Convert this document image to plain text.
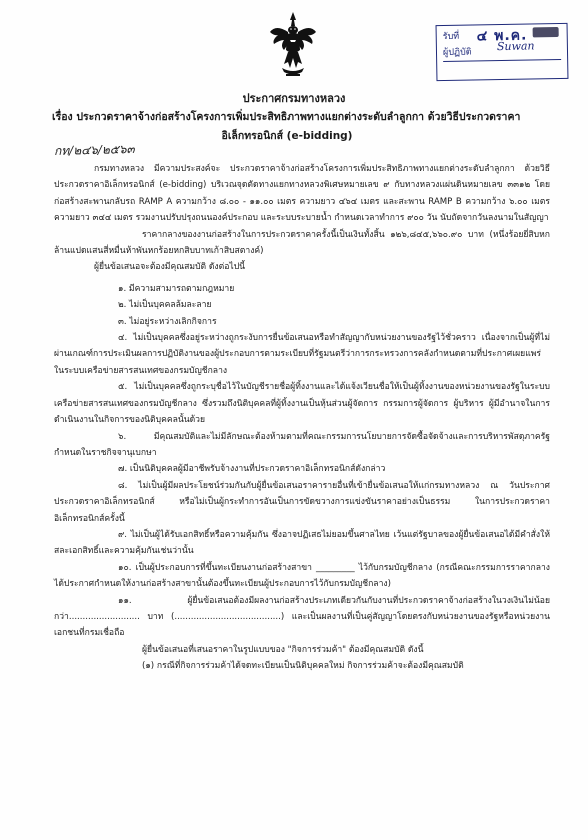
รับที่ ๔ พ.ค.
ผู้ปฏิบัติ Suwan
ประกาศกรมทางหลวง
เรื่อง ประกวดราคาจ้างก่อสร้างโครงการเพิ่มประสิทธิภาพทางแยกต่างระดับลำลูกกา ด้วยวิธีประกวดราคา
อิเล็กทรอนิกส์ (e-bidding)
กท/๒๔๖/๒๕๖๓

กรมทางหลวง มีความประสงค์จะ ประกวดราคาจ้างก่อสร้างโครงการเพิ่มประสิทธิภาพทางแยกต่างระดับลำลูกกา ด้วยวิธีประกวดราคาอิเล็กทรอนิกส์ (e-bidding) บริเวณจุดตัดทางแยกทางหลวงพิเศษหมายเลข ๙ กับทางหลวงแผ่นดินหมายเลข ๓๓๑๒ โดยก่อสร้างสะพานกลับรถ RAMP A ความกว้าง ๘.๐๐ - ๑๑.๐๐ เมตร ความยาว ๔๖๔ เมตร และสะพาน RAMP B ความกว้าง ๖.๐๐ เมตร ความยาว ๓๔๔ เมตร รวมงานปรับปรุงถนนองค์ประกอบ และระบบระบายน้ำ กำหนดเวลาทำการ ๙๐๐ วัน นับถัดจากวันลงนามในสัญญา

ราคากลางของงานก่อสร้างในการประกวดราคาครั้งนี้เป็นเงินทั้งสิ้น ๑๒๖,๘๔๕,๖๖๐.๙๐ บาท (หนึ่งร้อยยี่สิบหกล้านแปดแสนสี่หมื่นห้าพันหกร้อยหกสิบบาทเก้าสิบสตางค์)

ผู้ยื่นข้อเสนอจะต้องมีคุณสมบัติ ดังต่อไปนี้

๑. มีความสามารถตามกฎหมาย

๒. ไม่เป็นบุคคลล้มละลาย

๓. ไม่อยู่ระหว่างเลิกกิจการ

๔. ไม่เป็นบุคคลซึ่งอยู่ระหว่างถูกระงับการยื่นข้อเสนอหรือทำสัญญากับหน่วยงานของรัฐไว้ชั่วคราว เนื่องจากเป็นผู้ที่ไม่ผ่านเกณฑ์การประเมินผลการปฏิบัติงานของผู้ประกอบการตามระเบียบที่รัฐมนตรีว่าการกระทรวงการคลังกำหนดตามที่ประกาศเผยแพร่ในระบบเครือข่ายสารสนเทศของกรมบัญชีกลาง

๕. ไม่เป็นบุคคลซึ่งถูกระบุชื่อไว้ในบัญชีรายชื่อผู้ทิ้งงานและได้แจ้งเวียนชื่อให้เป็นผู้ทิ้งงานของหน่วยงานของรัฐในระบบเครือข่ายสารสนเทศของกรมบัญชีกลาง ซึ่งรวมถึงนิติบุคคลที่ผู้ทิ้งงานเป็นหุ้นส่วนผู้จัดการ กรรมการผู้จัดการ ผู้บริหาร ผู้มีอำนาจในการดำเนินงานในกิจการของนิติบุคคลนั้นด้วย

๖. มีคุณสมบัติและไม่มีลักษณะต้องห้ามตามที่คณะกรรมการนโยบายการจัดซื้อจัดจ้างและการบริหารพัสดุภาครัฐกำหนดในราชกิจจานุเบกษา

๗. เป็นนิติบุคคลผู้มีอาชีพรับจ้างงานที่ประกวดราคาอิเล็กทรอนิกส์ดังกล่าว

๘. ไม่เป็นผู้มีผลประโยชน์ร่วมกันกับผู้ยื่นข้อเสนอราคารายอื่นที่เข้ายื่นข้อเสนอให้แก่กรมทางหลวง ณ วันประกาศประกวดราคาอิเล็กทรอนิกส์ หรือไม่เป็นผู้กระทำการอันเป็นการขัดขวางการแข่งขันราคาอย่างเป็นธรรม ในการประกวดราคาอิเล็กทรอนิกส์ครั้งนี้

๙. ไม่เป็นผู้ได้รับเอกสิทธิ์หรือความคุ้มกัน ซึ่งอาจปฏิเสธไม่ยอมขึ้นศาลไทย เว้นแต่รัฐบาลของผู้ยื่นข้อเสนอได้มีคำสั่งให้สละเอกสิทธิ์และความคุ้มกันเช่นว่านั้น

๑๐. เป็นผู้ประกอบการที่ขึ้นทะเบียนงานก่อสร้างสาขา _________ ไว้กับกรมบัญชีกลาง (กรณีคณะกรรมการราคากลางได้ประกาศกำหนดให้งานก่อสร้างสาขานั้นต้องขึ้นทะเบียนผู้ประกอบการไว้กับกรมบัญชีกลาง)

๑๑. ผู้ยื่นข้อเสนอต้องมีผลงานก่อสร้างประเภทเดียวกันกับงานที่ประกวดราคาจ้างก่อสร้างในวงเงินไม่น้อยกว่า.......................... บาท (.......................................) และเป็นผลงานที่เป็นคู่สัญญาโดยตรงกับหน่วยงานของรัฐหรือหน่วยงานเอกชนที่กรมเชื่อถือ

ผู้ยื่นข้อเสนอที่เสนอราคาในรูปแบบของ "กิจการร่วมค้า" ต้องมีคุณสมบัติ ดังนี้

(๑) กรณีที่กิจการร่วมค้าได้จดทะเบียนเป็นนิติบุคคลใหม่ กิจการร่วมค้าจะต้องมีคุณสมบัติ
